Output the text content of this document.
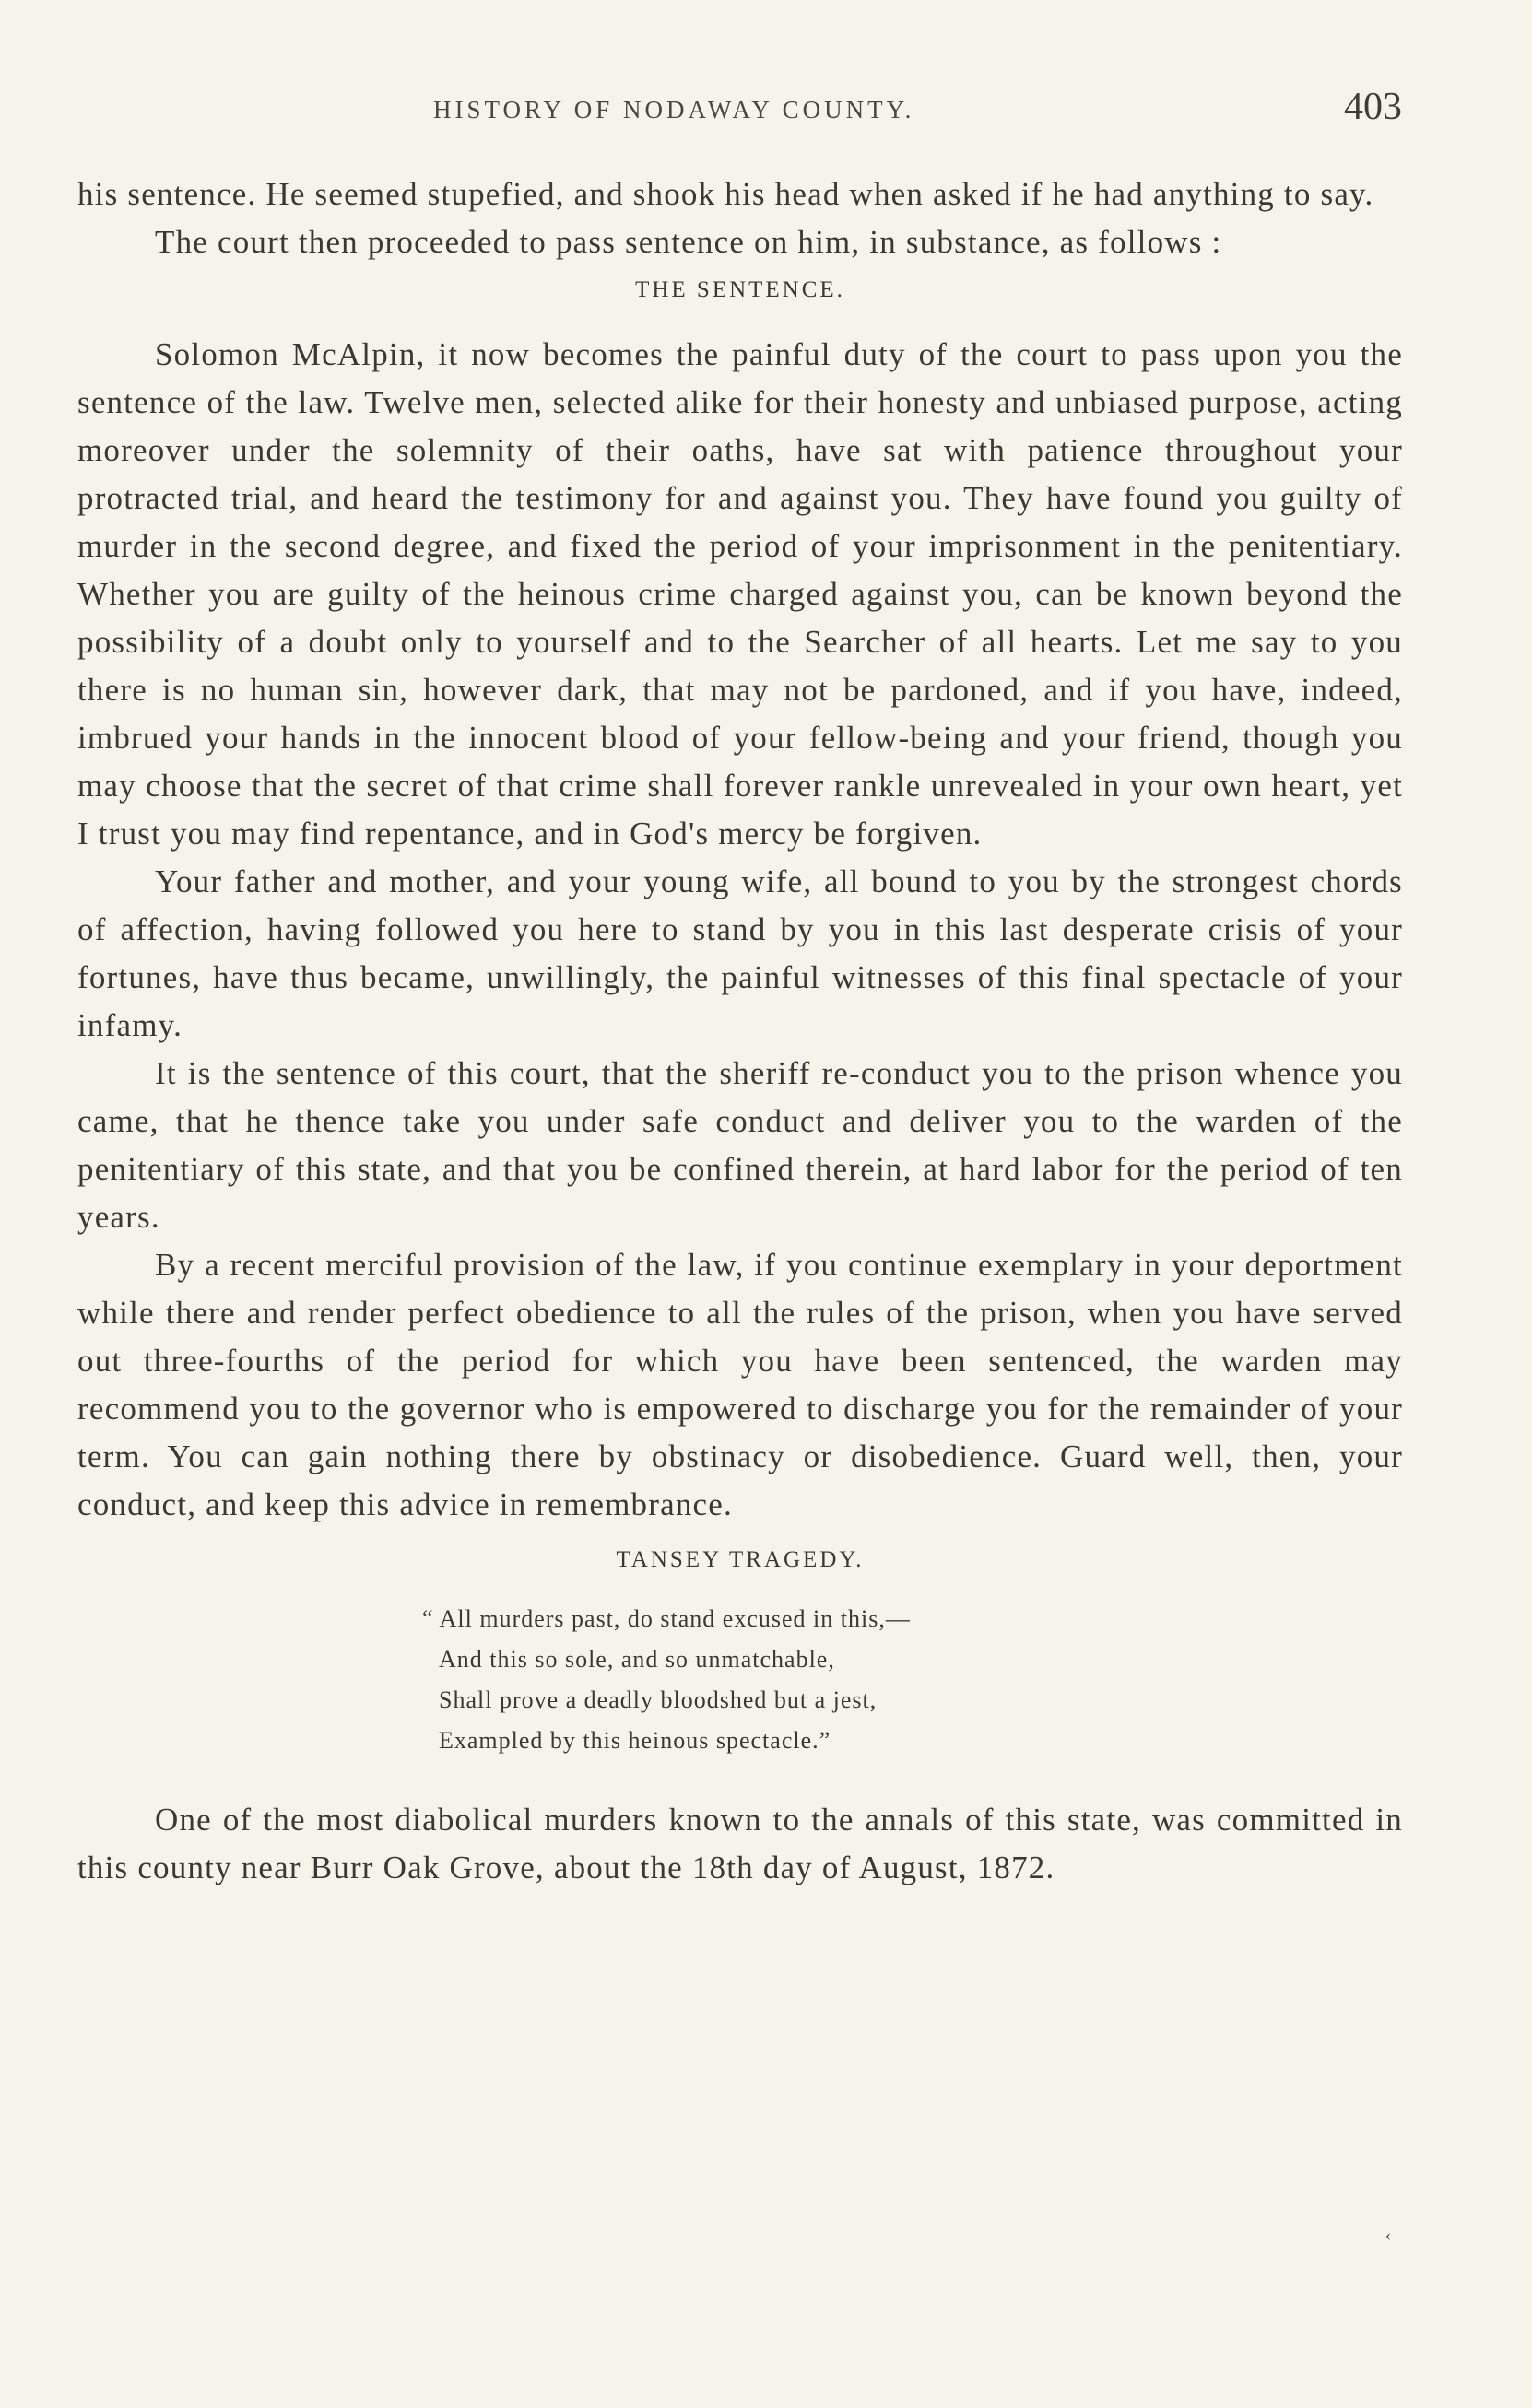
HISTORY OF NODAWAY COUNTY.	403

his sentence. He seemed stupefied, and shook his head when asked if he had anything to say.

The court then proceeded to pass sentence on him, in substance, as follows :

THE SENTENCE.

Solomon McAlpin, it now becomes the painful duty of the court to pass upon you the sentence of the law. Twelve men, selected alike for their honesty and unbiased purpose, acting moreover under the solemnity of their oaths, have sat with patience throughout your protracted trial, and heard the testimony for and against you. They have found you guilty of murder in the second degree, and fixed the period of your imprisonment in the penitentiary. Whether you are guilty of the heinous crime charged against you, can be known beyond the possibility of a doubt only to yourself and to the Searcher of all hearts. Let me say to you there is no human sin, however dark, that may not be pardoned, and if you have, indeed, imbrued your hands in the innocent blood of your fellow-being and your friend, though you may choose that the secret of that crime shall forever rankle unrevealed in your own heart, yet I trust you may find repentance, and in God's mercy be forgiven.

Your father and mother, and your young wife, all bound to you by the strongest chords of affection, having followed you here to stand by you in this last desperate crisis of your fortunes, have thus became, unwillingly, the painful witnesses of this final spectacle of your infamy.

It is the sentence of this court, that the sheriff re-conduct you to the prison whence you came, that he thence take you under safe conduct and deliver you to the warden of the penitentiary of this state, and that you be confined therein, at hard labor for the period of ten years.

By a recent merciful provision of the law, if you continue exemplary in your deportment while there and render perfect obedience to all the rules of the prison, when you have served out three-fourths of the period for which you have been sentenced, the warden may recommend you to the governor who is empowered to discharge you for the remainder of your term. You can gain nothing there by obstinacy or disobedience. Guard well, then, your conduct, and keep this advice in remembrance.

TANSEY TRAGEDY.

“ All murders past, do stand excused in this,—
And this so sole, and so unmatchable,
Shall prove a deadly bloodshed but a jest,
Exampled by this heinous spectacle.”

One of the most diabolical murders known to the annals of this state, was committed in this county near Burr Oak Grove, about the 18th day of August, 1872.

‹
